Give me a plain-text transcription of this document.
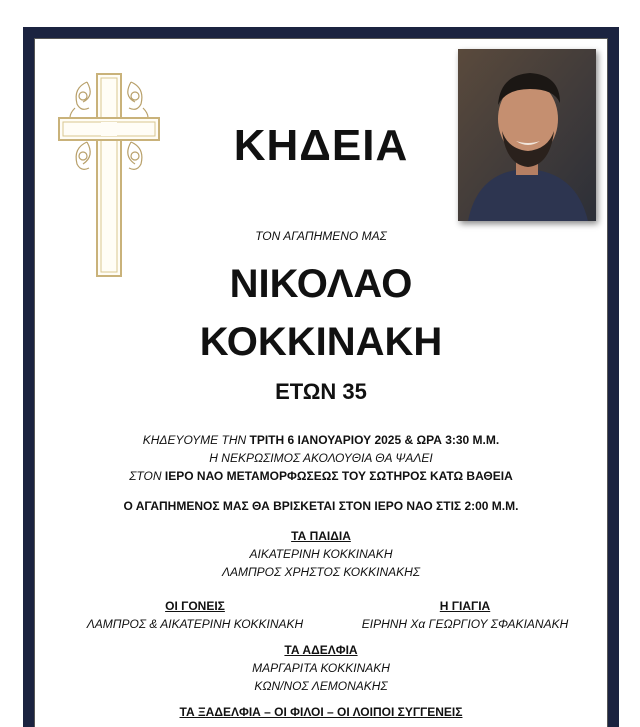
ΚΗΔΕΙΑ
ΤΟΝ ΑΓΑΠΗΜΕΝΟ ΜΑΣ
ΝΙΚΟΛΑΟ
ΚΟΚΚΙΝΑΚΗ
ΕΤΩΝ 35
ΚΗΔΕΥΟΥΜΕ ΤΗΝ ΤΡΙΤΗ 6 ΙΑΝΟΥΑΡΙΟΥ 2025 & ΩΡΑ 3:30 Μ.Μ.
Η ΝΕΚΡΩΣΙΜΟΣ ΑΚΟΛΟΥΘΙΑ ΘΑ ΨΑΛΕΙ
ΣΤΟΝ ΙΕΡΟ ΝΑΟ ΜΕΤΑΜΟΡΦΩΣΕΩΣ ΤΟΥ ΣΩΤΗΡΟΣ ΚΑΤΩ ΒΑΘΕΙΑ
Ο ΑΓΑΠΗΜΕΝΟΣ ΜΑΣ ΘΑ ΒΡΙΣΚΕΤΑΙ ΣΤΟΝ ΙΕΡΟ ΝΑΟ ΣΤΙΣ 2:00 Μ.Μ.
ΤΑ ΠΑΙΔΙΑ
ΑΙΚΑΤΕΡΙΝΗ ΚΟΚΚΙΝΑΚΗ
ΛΑΜΠΡΟΣ ΧΡΗΣΤΟΣ ΚΟΚΚΙΝΑΚΗΣ
ΟΙ ΓΟΝΕΙΣ
ΛΑΜΠΡΟΣ & ΑΙΚΑΤΕΡΙΝΗ ΚΟΚΚΙΝΑΚΗ
Η ΓΙΑΓΙΑ
ΕΙΡΗΝΗ Χα ΓΕΩΡΓΙΟΥ ΣΦΑΚΙΑΝΑΚΗ
ΤΑ ΑΔΕΛΦΙΑ
ΜΑΡΓΑΡΙΤΑ ΚΟΚΚΙΝΑΚΗ
ΚΩΝ/ΝΟΣ ΛΕΜΟΝΑΚΗΣ
ΤΑ ΞΑΔΕΛΦΙΑ – ΟΙ ΦΙΛΟΙ – ΟΙ ΛΟΙΠΟΙ ΣΥΓΓΕΝΕΙΣ
